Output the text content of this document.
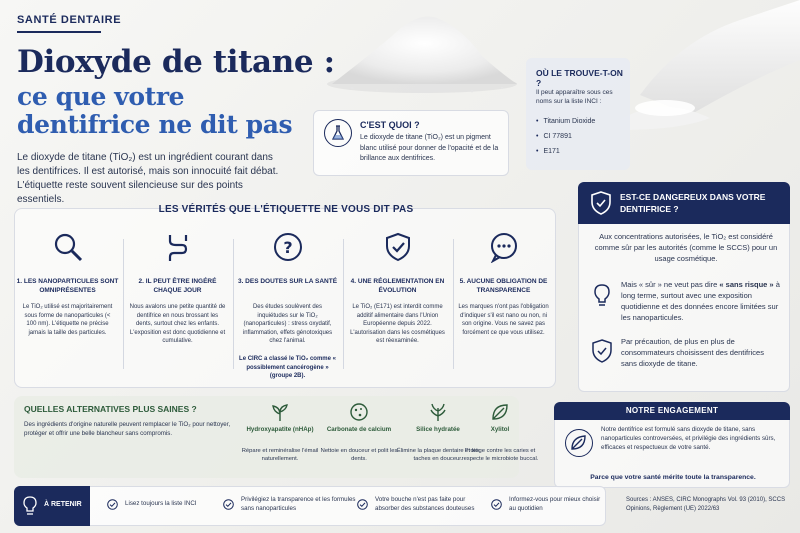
SANTÉ DENTAIRE
Dioxyde de titane :
ce que votre dentifrice ne dit pas
Le dioxyde de titane (TiO₂) est un ingrédient courant dans les dentifrices. Il est autorisé, mais son innocuité fait débat. L'étiquette reste souvent silencieuse sur des points essentiels.
C'EST QUOI ?
Le dioxyde de titane (TiO₂) est un pigment blanc utilisé pour donner de l'opacité et de la brillance aux dentifrices.
OÙ LE TROUVE-T-ON ?
Il peut apparaître sous ces noms sur la liste INCI :
• Titanium Dioxide
• CI 77891
• E171
LES VÉRITÉS QUE L'ÉTIQUETTE NE VOUS DIT PAS
1. LES NANOPARTICULES SONT OMNIPRÉSENTES
Le TiO₂ utilisé est majoritairement sous forme de nanoparticules (< 100 nm). L'étiquette ne précise jamais la taille des particules.
2. IL PEUT ÊTRE INGÉRÉ CHAQUE JOUR
Nous avalons une petite quantité de dentifrice en nous brossant les dents, surtout chez les enfants. L'exposition est donc quotidienne et cumulative.
?
3. DES DOUTES SUR LA SANTÉ
Des études soulèvent des inquiétudes sur le TiO₂ (nanoparticules) : stress oxydatif, inflammation, effets génotoxiques chez l'animal.
Le CIRC a classé le TiO₂ comme « possiblement cancérogène » (groupe 2B).
4. UNE RÉGLEMENTATION EN ÉVOLUTION
Le TiO₂ (E171) est interdit comme additif alimentaire dans l'Union Européenne depuis 2022. L'autorisation dans les cosmétiques est réexaminée.
5. AUCUNE OBLIGATION DE TRANSPARENCE
Les marques n'ont pas l'obligation d'indiquer s'il est nano ou non, ni son origine. Vous ne savez pas forcément ce que vous utilisez.
QUELLES ALTERNATIVES PLUS SAINES ?
Des ingrédients d'origine naturelle peuvent remplacer le TiO₂ pour nettoyer, protéger et offrir une belle blancheur sans compromis.
Hydroxyapatite (nHAp)
Répare et reminéralise l'émail naturellement.
Carbonate de calcium
Nettoie en douceur et polit les dents.
Silice hydratée
Élimine la plaque dentaire et les taches en douceur.
Xylitol
Protège contre les caries et respecte le microbiote buccal.
EST-CE DANGEREUX DANS VOTRE DENTIFRICE ?
Aux concentrations autorisées, le TiO₂ est considéré comme sûr par les autorités (comme le SCCS) pour un usage cosmétique.
Mais « sûr » ne veut pas dire « sans risque » à long terme, surtout avec une exposition quotidienne et des données encore limitées sur les nanoparticules.
Par précaution, de plus en plus de consommateurs choisissent des dentifrices sans dioxyde de titane.
NOTRE ENGAGEMENT
Notre dentifrice est formulé sans dioxyde de titane, sans nanoparticules controversées, et privilégie des ingrédients sûrs, efficaces et respectueux de votre santé.
Parce que votre santé mérite toute la transparence.
À RETENIR	Lisez toujours la liste INCI
Privilégiez la transparence et les formules sans nanoparticules
Votre bouche n'est pas faite pour absorber des substances douteuses
Informez-vous pour mieux choisir au quotidien
Sources : ANSES, CIRC Monographs Vol. 93 (2010), SCCS Opinions, Règlement (UE) 2022/63
